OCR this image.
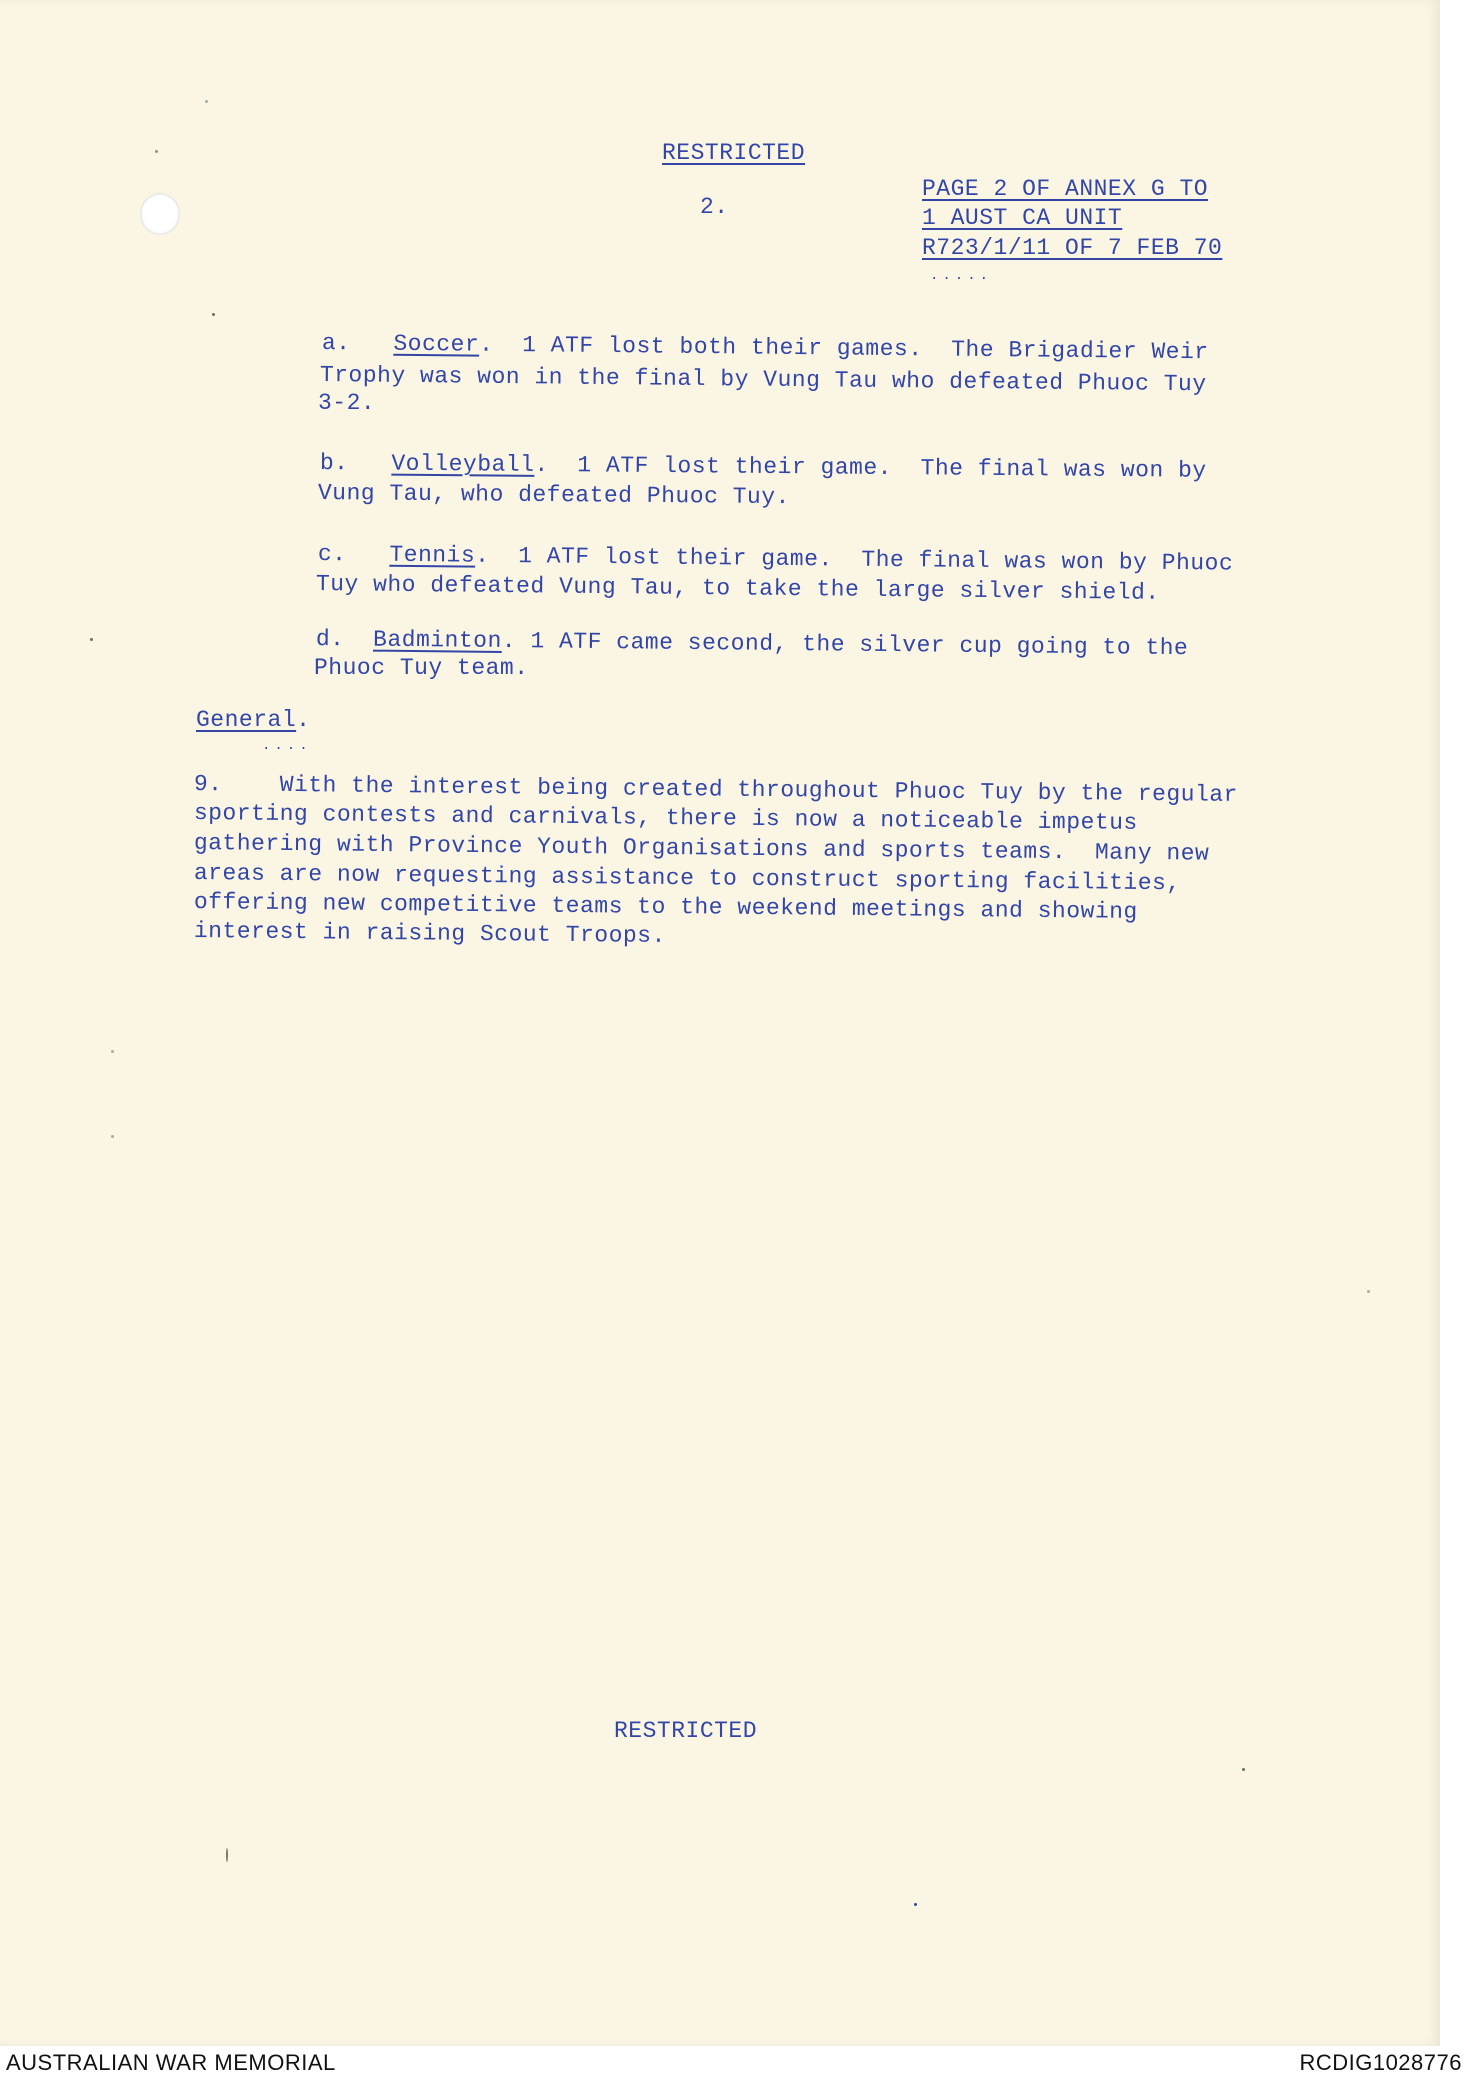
RESTRICTED
2.
PAGE 2 OF ANNEX G TO
1 AUST CA UNIT
R723/1/11 OF 7 FEB 70
.....
a. Soccer.  1 ATF lost both their games.  The Brigadier Weir
Trophy was won in the final by Vung Tau who defeated Phuoc Tuy
3-2.
b. Volleyball.  1 ATF lost their game.  The final was won by
Vung Tau, who defeated Phuoc Tuy.
c. Tennis.  1 ATF lost their game.  The final was won by Phuoc
Tuy who defeated Vung Tau, to take the large silver shield.
d. Badminton. 1 ATF came second, the silver cup going to the
Phuoc Tuy team.
General.
....
9. With the interest being created throughout Phuoc Tuy by the regular
sporting contests and carnivals, there is now a noticeable impetus
gathering with Province Youth Organisations and sports teams.  Many new
areas are now requesting assistance to construct sporting facilities,
offering new competitive teams to the weekend meetings and showing
interest in raising Scout Troops.
RESTRICTED
AUSTRALIAN WAR MEMORIAL	RCDIG1028776
